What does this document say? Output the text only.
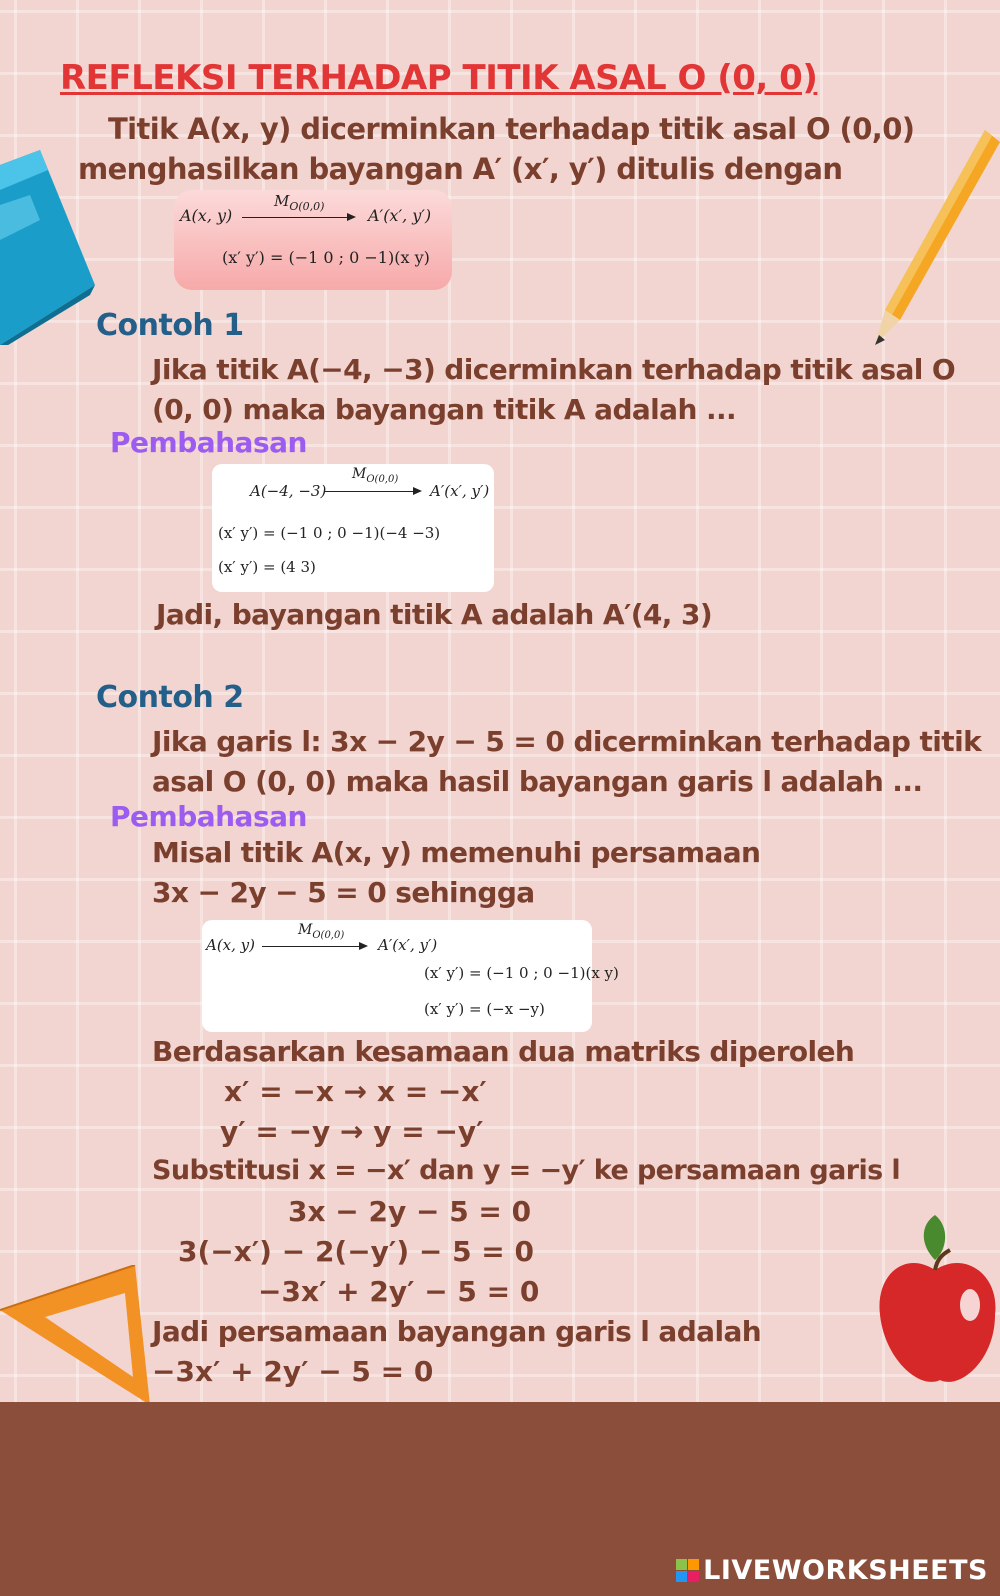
REFLEKSI TERHADAP TITIK ASAL O (0, 0)
Titik A(x, y) dicerminkan terhadap titik asal O (0,0)
menghasilkan bayangan A′ (x′, y′) ditulis dengan
A(x, y)
$M_{O(0,0)}$	A′(x′, y′)
(x′ y′) = (−1 0 ; 0 −1)(x y)
Contoh 1
Jika titik A(−4, −3) dicerminkan terhadap titik asal O
(0, 0) maka bayangan titik A adalah ...
Pembahasan
A(−4, −3)
$M_{O(0,0)}$
A′(x′, y′)
(x′ y′) = (−1 0 ; 0 −1)(−4 −3)
(x′ y′) = (4 3)
Jadi, bayangan titik A adalah A′(4, 3)
Contoh 2
Jika garis l: 3x − 2y − 5 = 0 dicerminkan terhadap titik
asal O (0, 0) maka hasil bayangan garis l adalah ...
Pembahasan
Misal titik A(x, y) memenuhi persamaan
3x − 2y − 5 = 0 sehingga
A(x, y)
$M_{O(0,0)}$
A′(x′, y′)
(x′ y′) = (−1 0 ; 0 −1)(x y)
(x′ y′) = (−x −y)
Berdasarkan kesamaan dua matriks diperoleh
x′ = −x → x = −x′
y′ = −y → y = −y′
Substitusi x = −x′ dan y = −y′ ke persamaan garis l
3x − 2y − 5 = 0
3(−x′) − 2(−y′) − 5 = 0
−3x′ + 2y′ − 5 = 0
Jadi persamaan bayangan garis l adalah
−3x′ + 2y′ − 5 = 0
LIVEWORKSHEETS
